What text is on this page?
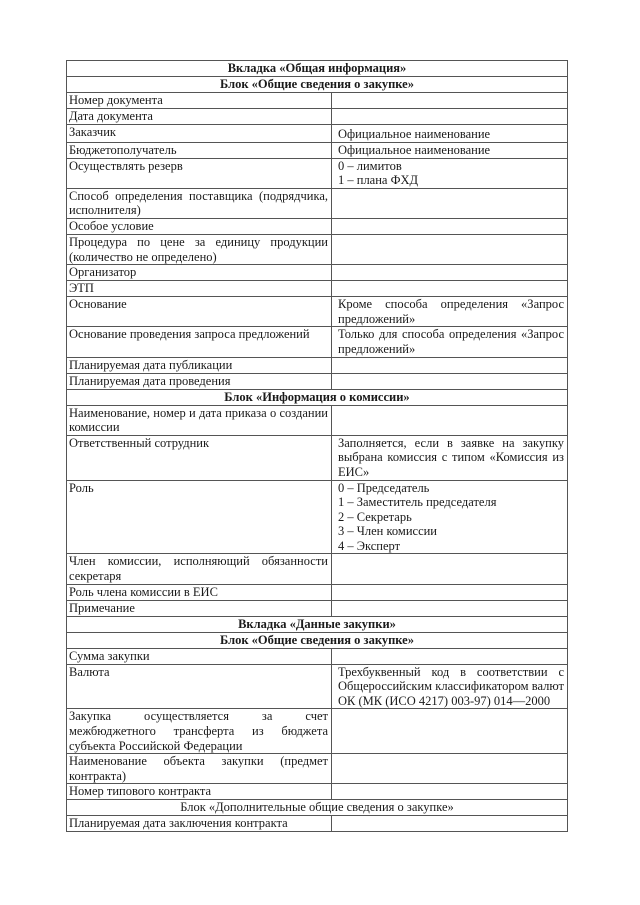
Вкладка «Общая информация»
Блок «Общие сведения о закупке»
Номер документа
Дата документа
Заказчик	Официальное наименование
Бюджетополучатель	Официальное наименование
Осуществлять резерв	0 – лимитов
1 – плана ФХД
Способ определения поставщика (подрядчика, исполнителя)
Особое условие
Процедура по цене за единицу продукции (количество не определено)
Организатор
ЭТП
Основание	Кроме способа определения «Запрос предложений»
Основание проведения запроса предложений	Только для способа определения «Запрос предложений»
Планируемая дата публикации
Планируемая дата проведения
Блок «Информация о комиссии»
Наименование, номер и дата приказа о создании комиссии
Ответственный сотрудник	Заполняется, если в заявке на закупку выбрана комиссия с типом «Комиссия из ЕИС»
Роль	0 – Председатель
1 – Заместитель председателя
2 – Секретарь
3 – Член комиссии
4 – Эксперт
Член комиссии, исполняющий обязанности секретаря
Роль члена комиссии в ЕИС
Примечание
Вкладка «Данные закупки»
Блок «Общие сведения о закупке»
Сумма закупки
Валюта	Трехбуквенный код в соответствии с Общероссийским классификатором валют ОК (МК (ИСО 4217) 003-97) 014—2000
Закупка осуществляется за счет межбюджетного трансферта из бюджета субъекта Российской Федерации
Наименование объекта закупки (предмет контракта)
Номер типового контракта
Блок «Дополнительные общие сведения о закупке»
Планируемая дата заключения контракта
